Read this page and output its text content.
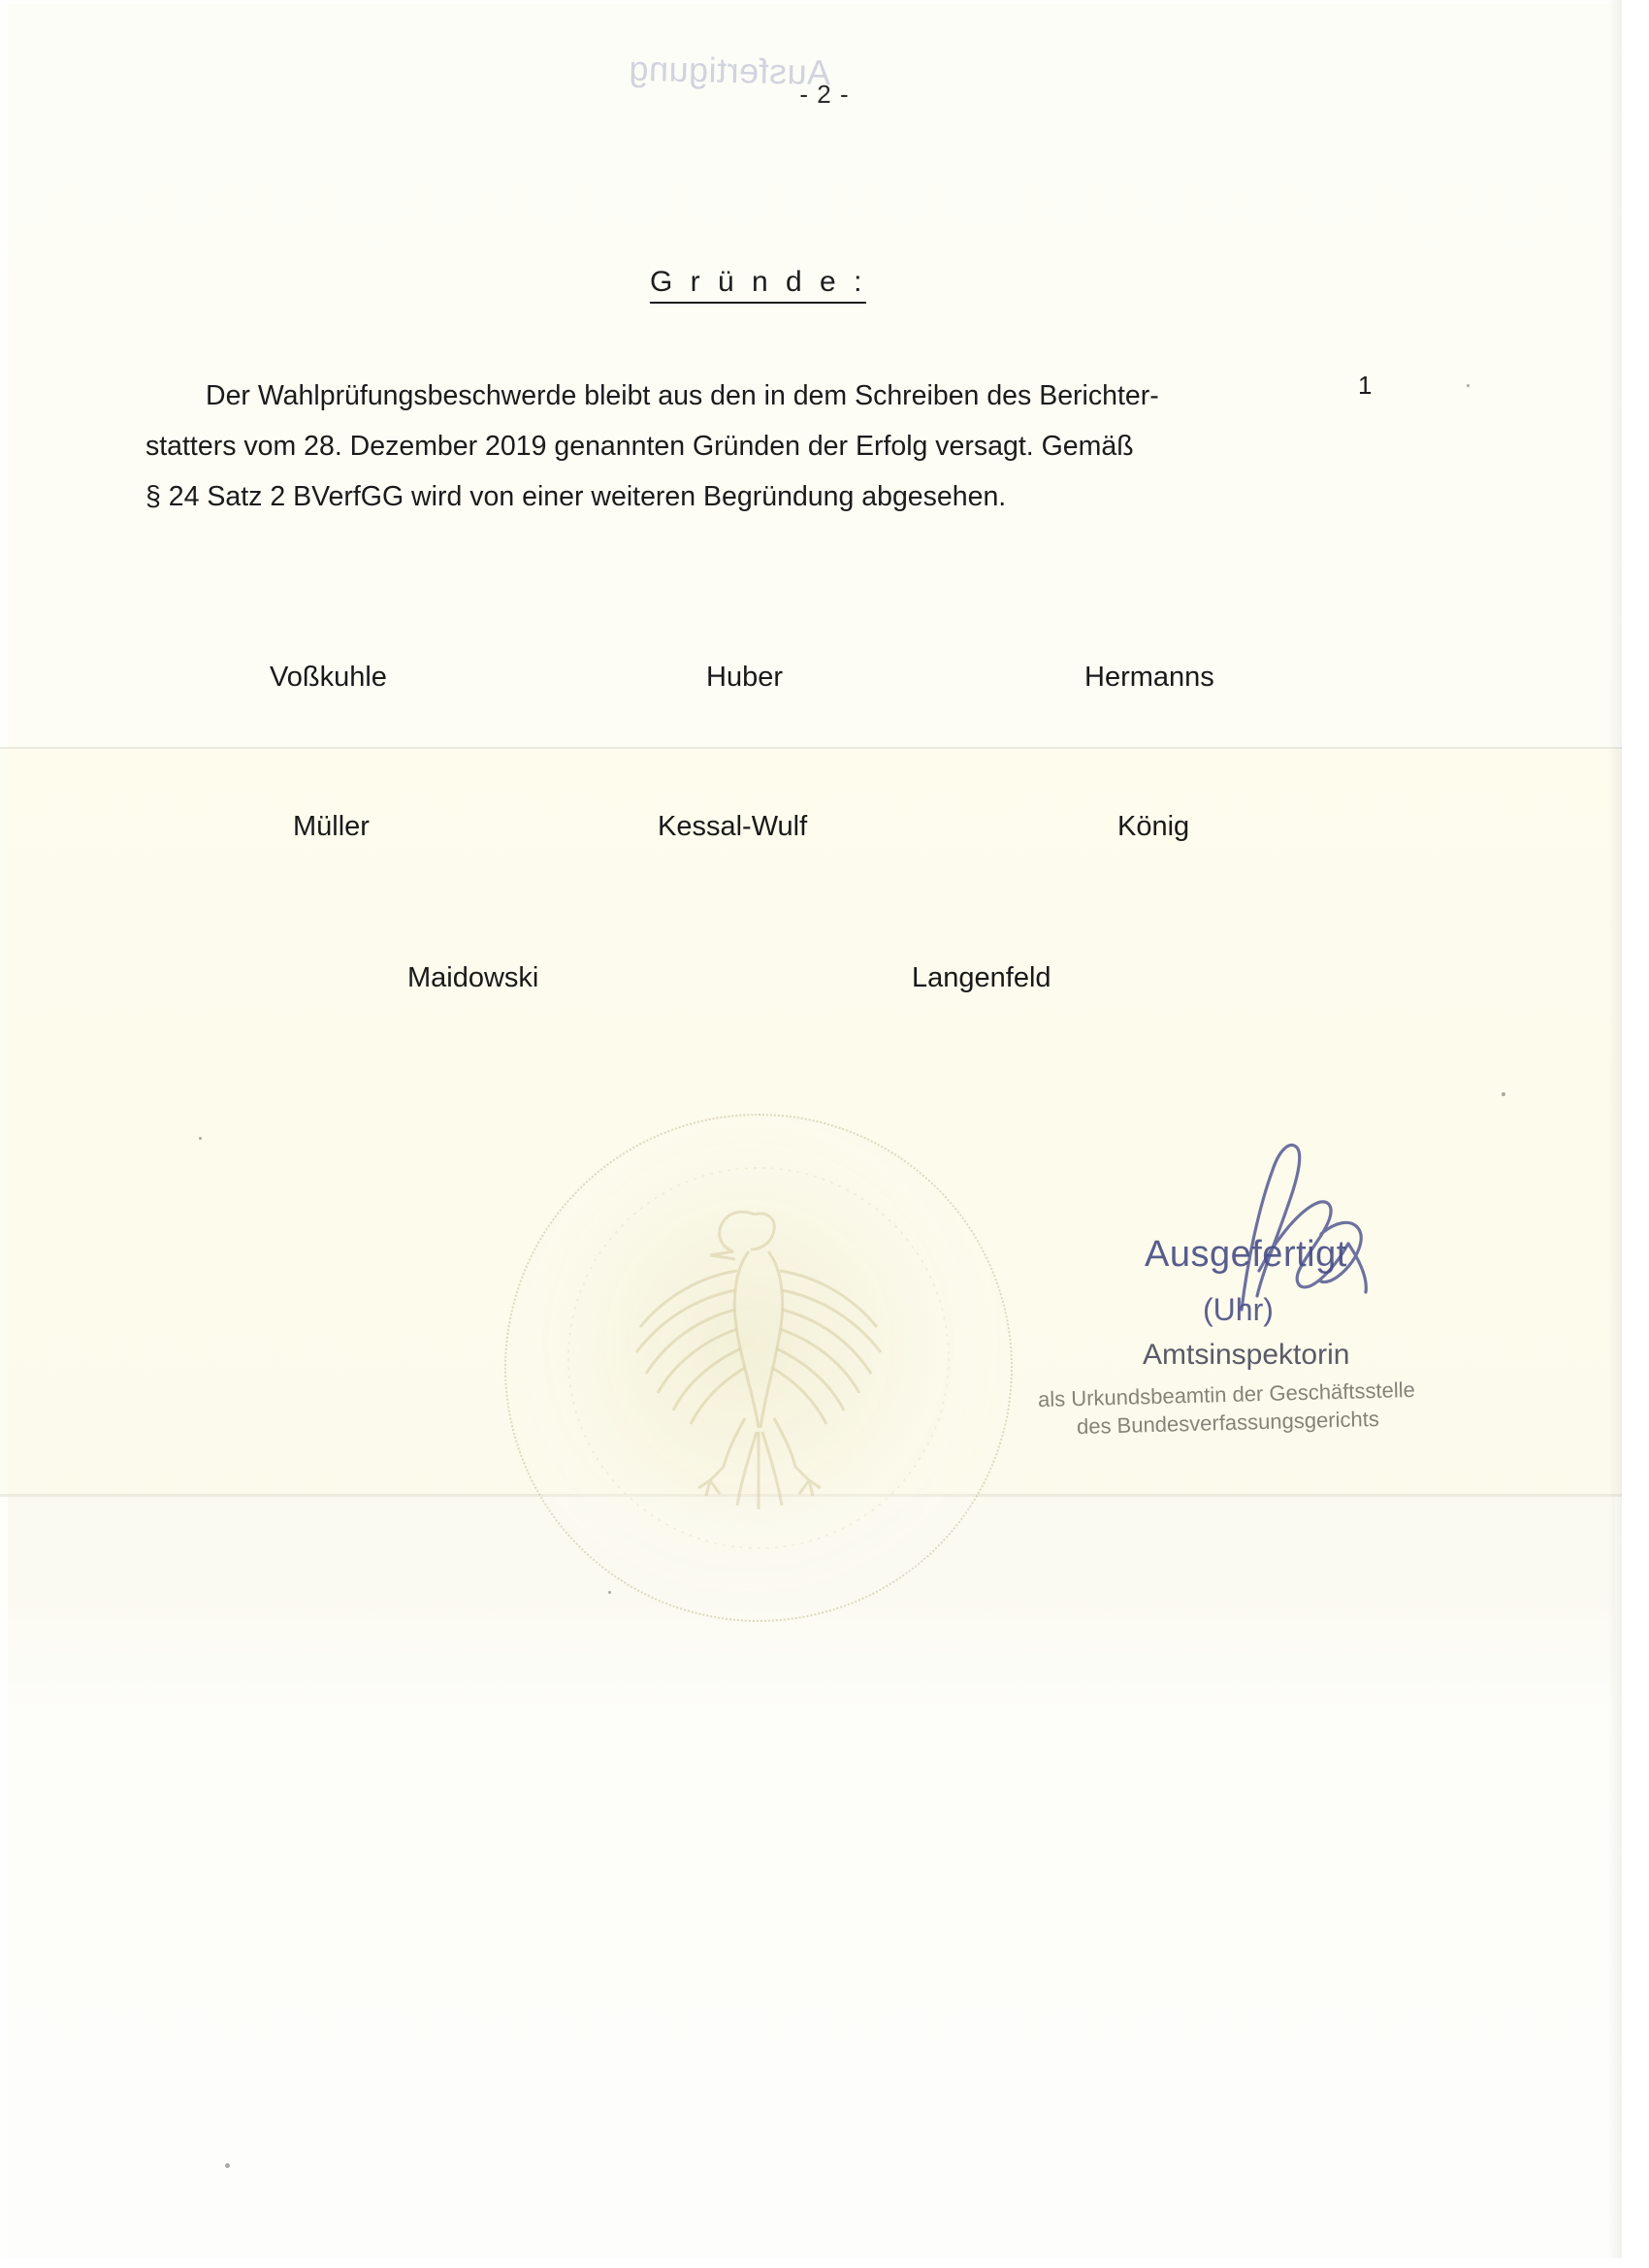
Ausfertigung
- 2 -
G r ü n d e :
Der Wahlprüfungsbeschwerde bleibt aus den in dem Schreiben des Berichter-
statters vom 28. Dezember 2019 genannten Gründen der Erfolg versagt. Gemäß
§ 24 Satz 2 BVerfGG wird von einer weiteren Begründung abgesehen.
1
Voßkuhle	Huber	Hermanns
Müller	Kessal-Wulf	König
Maidowski	Langenfeld
Ausgefertigt
(Uhr)
Amtsinspektorin
als Urkundsbeamtin der Geschäftsstelle
des Bundesverfassungsgerichts
